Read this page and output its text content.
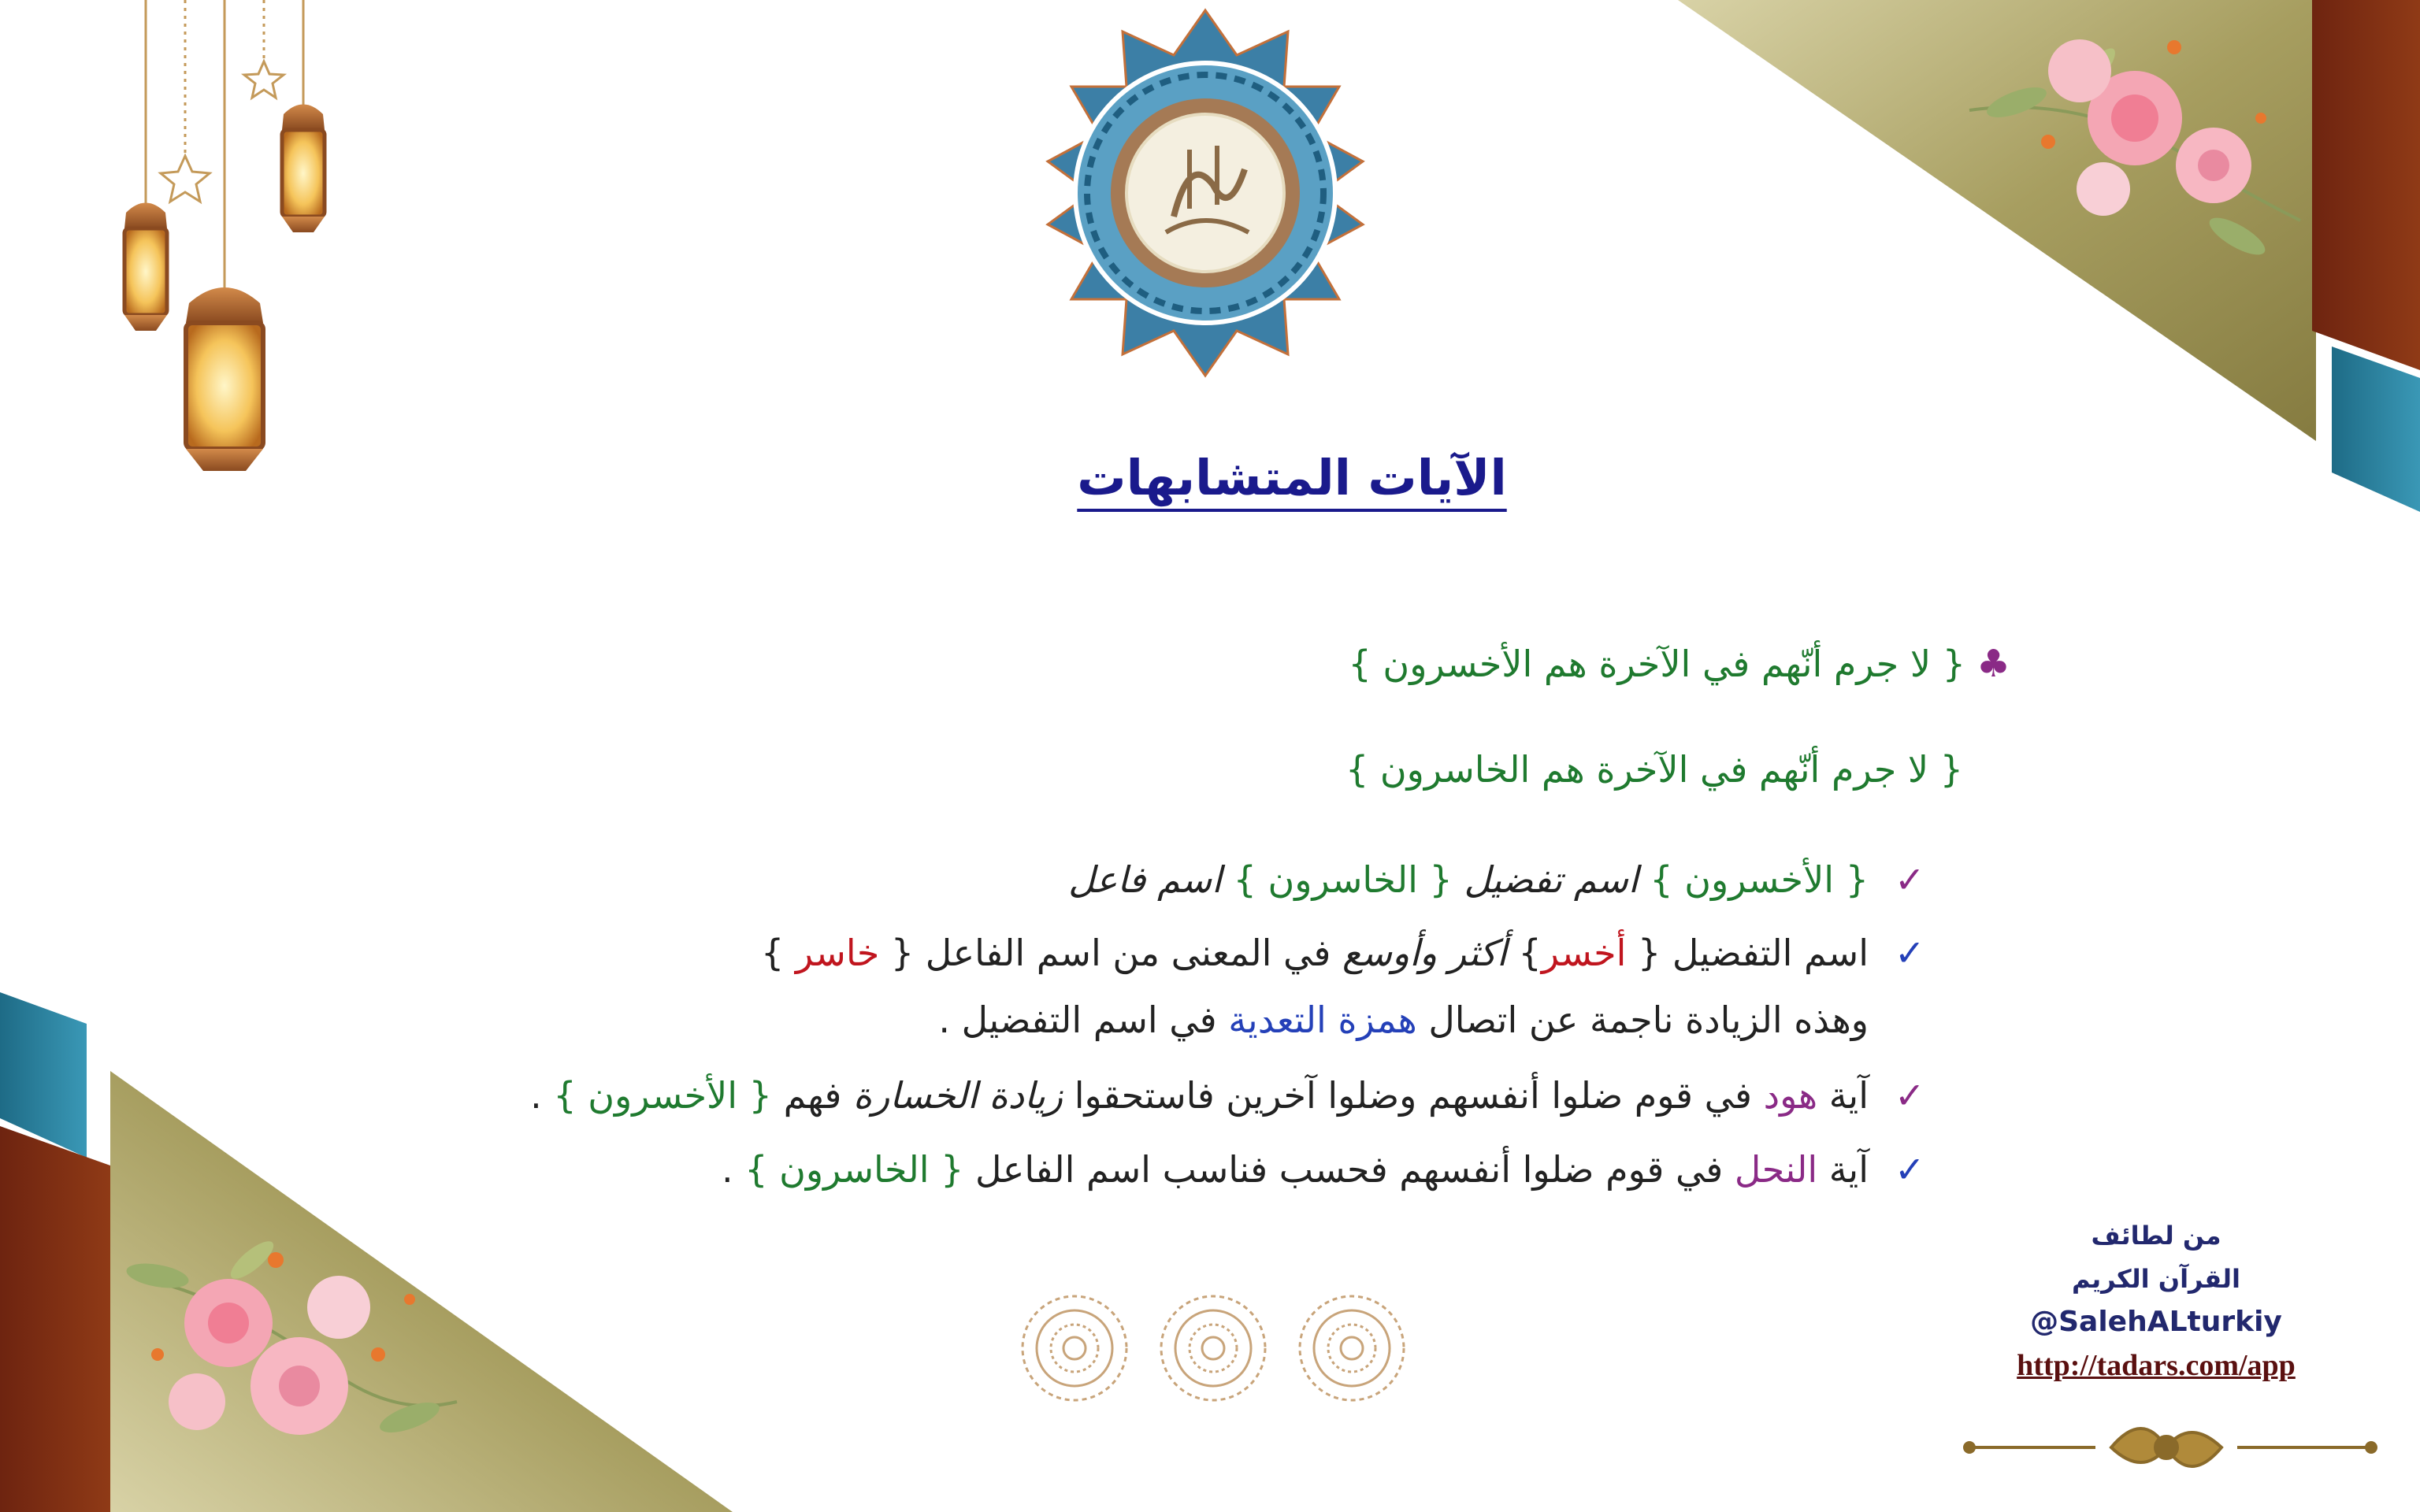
الآيات المتشابهات
♣{ لا جرم أنّهم في الآخرة هم الأخسرون }
{ لا جرم أنّهم في الآخرة هم الخاسرون }
✓
{ الأخسرون } اسم تفضيل { الخاسرون } اسم فاعل
✓
اسم التفضيل { أخسر} أكثر وأوسع في المعنى من اسم الفاعل { خاسر }
وهذه الزيادة ناجمة عن اتصال همزة التعدية في اسم التفضيل .
✓
آية هود في قوم ضلوا أنفسهم وضلوا آخرين فاستحقوا زيادة الخسارة فهم { الأخسرون } .
✓
آية النحل في قوم ضلوا أنفسهم فحسب فناسب اسم الفاعل { الخاسرون } .
من لطائف
القرآن الكريم
@SalehALturkiy
http://tadars.com/app
